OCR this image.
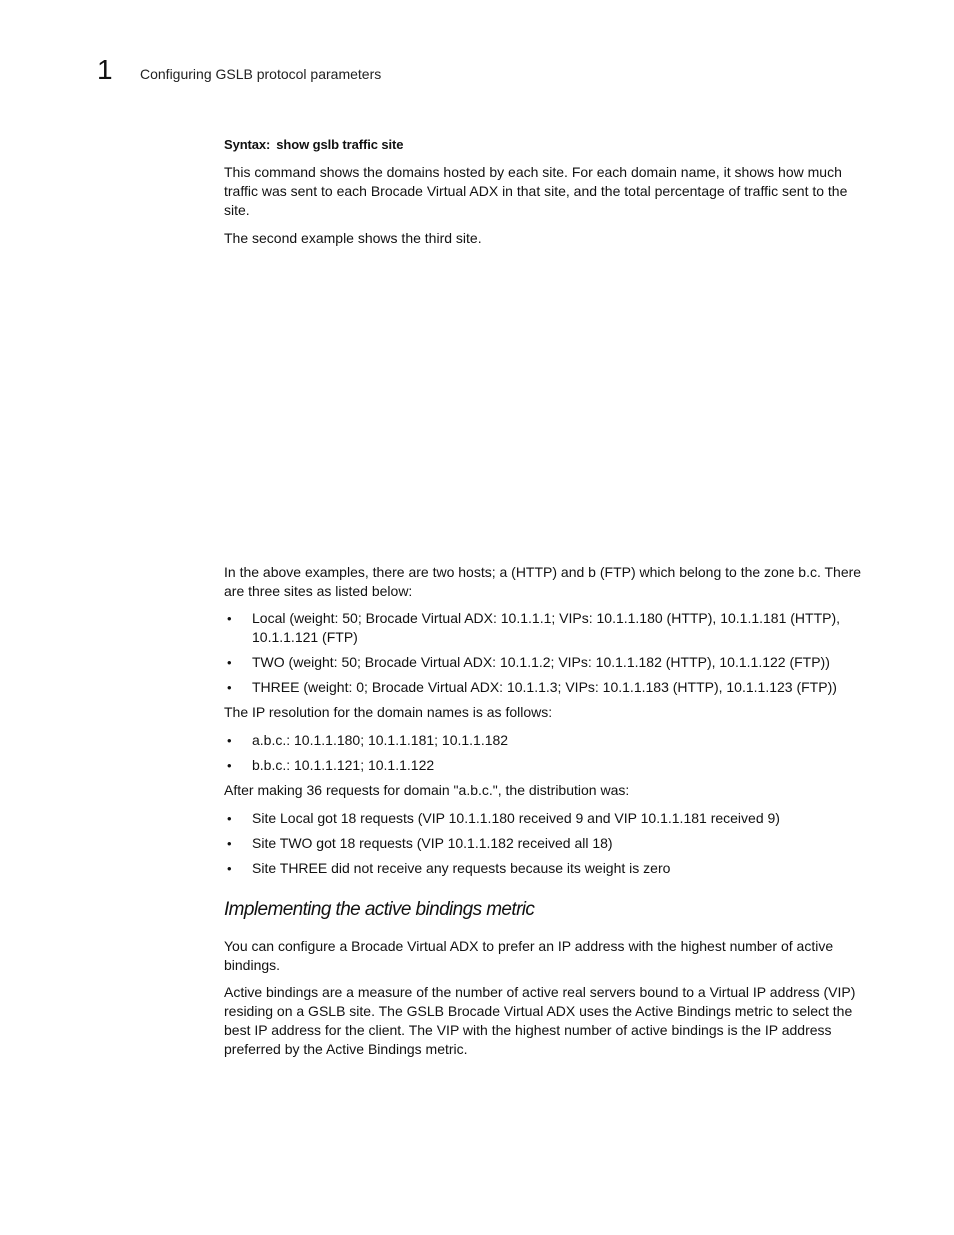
1 Configuring GSLB protocol parameters
Syntax: show gslb traffic site

This command shows the domains hosted by each site. For each domain name, it shows how much traffic was sent to each Brocade Virtual ADX in that site, and the total percentage of traffic sent to the site.

The second example shows the third site.

In the above examples, there are two hosts; a (HTTP) and b (FTP) which belong to the zone b.c. There are three sites as listed below:

• Local (weight: 50; Brocade Virtual ADX: 10.1.1.1; VIPs: 10.1.1.180 (HTTP), 10.1.1.181 (HTTP), 10.1.1.121 (FTP)
• TWO (weight: 50; Brocade Virtual ADX: 10.1.1.2; VIPs: 10.1.1.182 (HTTP), 10.1.1.122 (FTP))
• THREE (weight: 0; Brocade Virtual ADX: 10.1.1.3; VIPs: 10.1.1.183 (HTTP), 10.1.1.123 (FTP))

The IP resolution for the domain names is as follows:

• a.b.c.: 10.1.1.180; 10.1.1.181; 10.1.1.182
• b.b.c.: 10.1.1.121; 10.1.1.122

After making 36 requests for domain "a.b.c.", the distribution was:

• Site Local got 18 requests (VIP 10.1.1.180 received 9 and VIP 10.1.1.181 received 9)
• Site TWO got 18 requests (VIP 10.1.1.182 received all 18)
• Site THREE did not receive any requests because its weight is zero
Implementing the active bindings metric

You can configure a Brocade Virtual ADX to prefer an IP address with the highest number of active bindings.

Active bindings are a measure of the number of active real servers bound to a Virtual IP address (VIP) residing on a GSLB site. The GSLB Brocade Virtual ADX uses the Active Bindings metric to select the best IP address for the client. The VIP with the highest number of active bindings is the IP address preferred by the Active Bindings metric.
